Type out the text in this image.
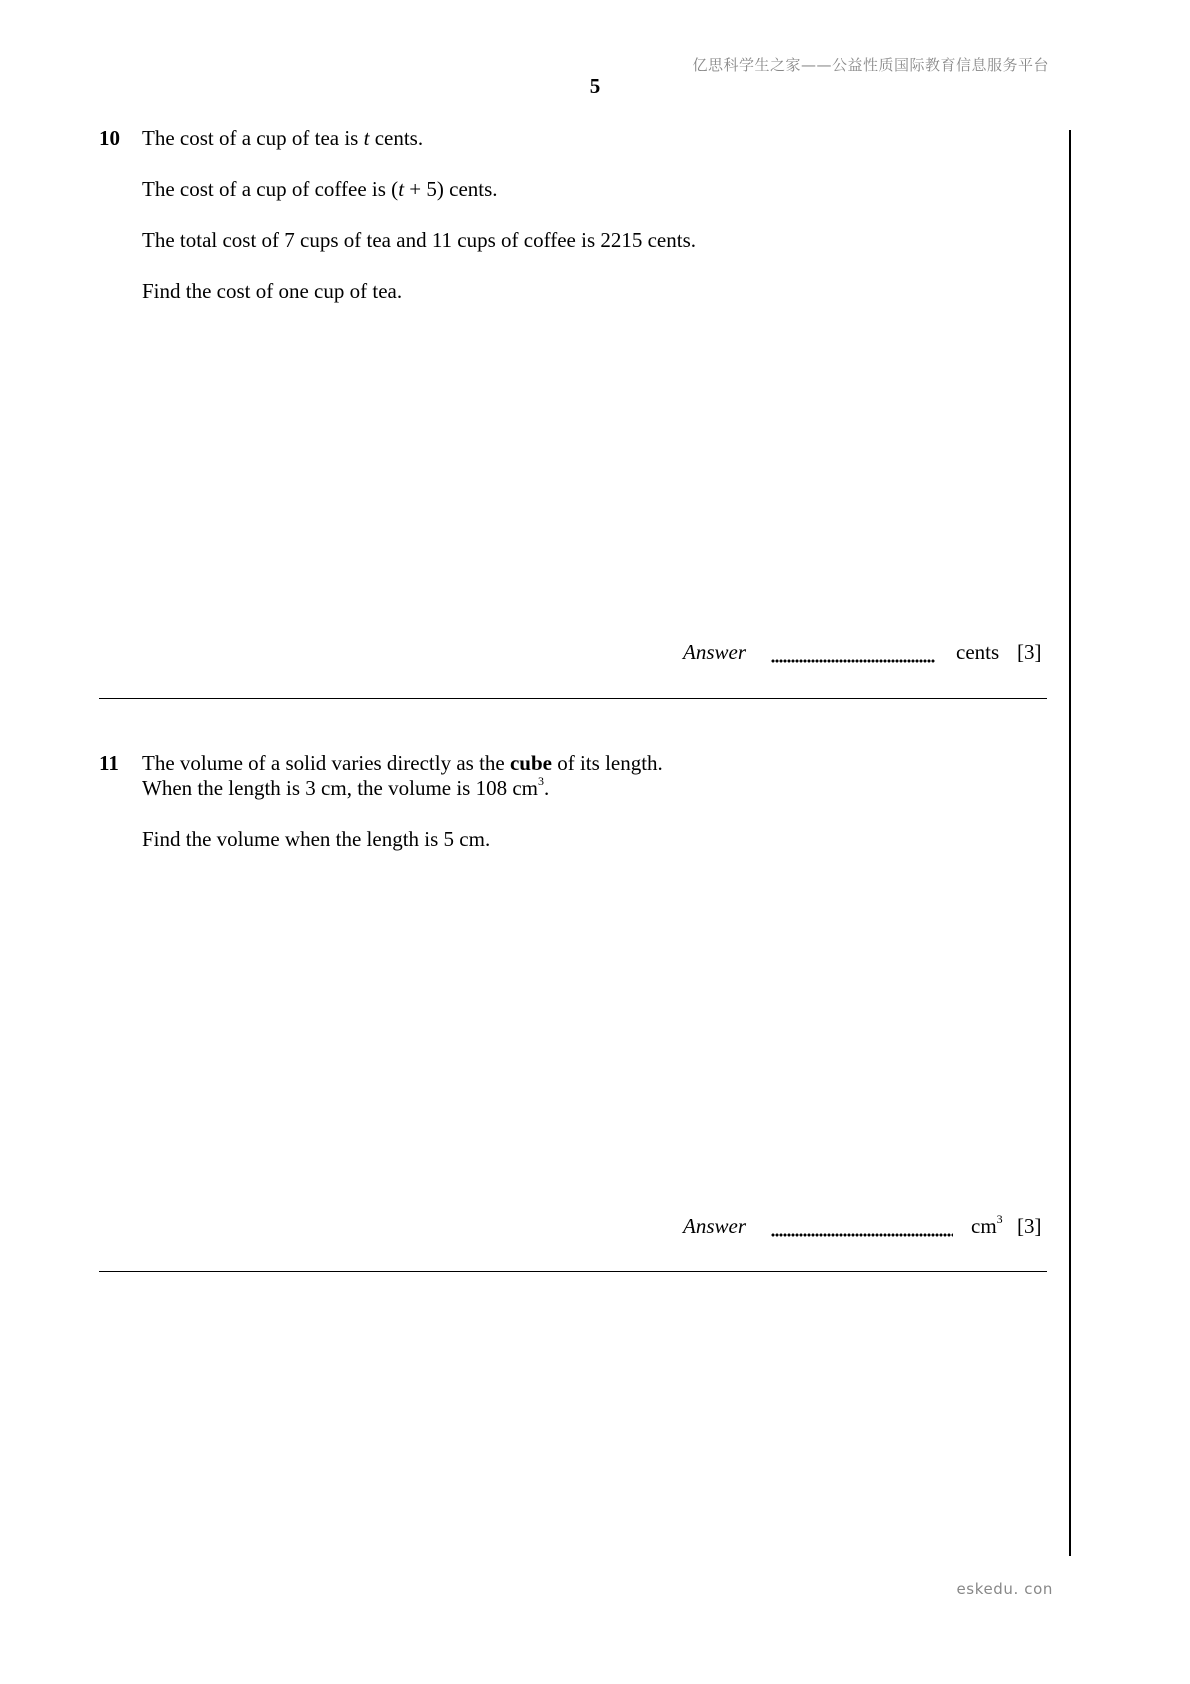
亿思科学生之家——公益性质国际教育信息服务平台
5
10 The cost of a cup of tea is t cents.
The cost of a cup of coffee is (t + 5) cents.
The total cost of 7 cups of tea and 11 cups of coffee is 2215 cents.
Find the cost of one cup of tea.
Answer	cents [3]
11 The volume of a solid varies directly as the cube of its length.
When the length is 3 cm, the volume is 108 $cm^3$.
Find the volume when the length is 5 cm.
Answer	$cm^3$ [3]
eskedu. con
